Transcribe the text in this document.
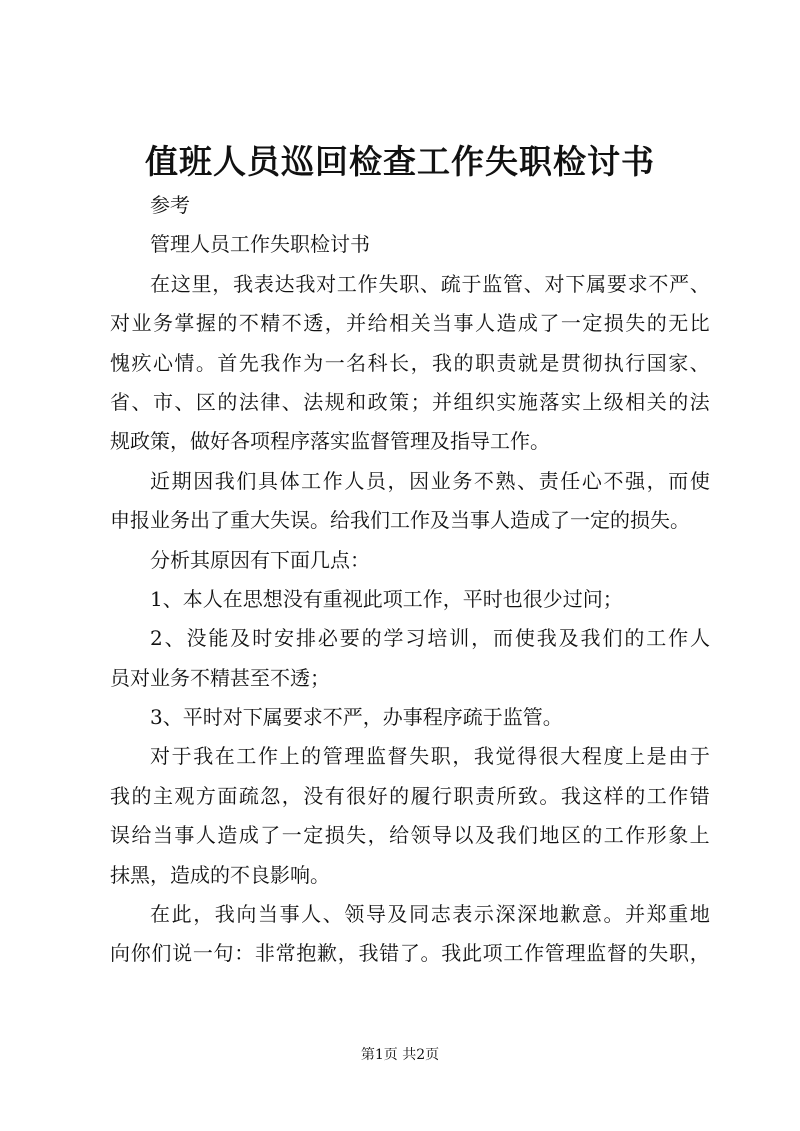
值班人员巡回检查工作失职检讨书
参考
管理人员工作失职检讨书
在 这 里 ， 我 表 达 我 对 工 作 失 职 、 疏 于 监 管 、 对 下 属 要 求 不 严 、
对 业 务 掌 握 的 不 精 不 透 ， 并 给 相 关 当 事 人 造 成 了 一 定 损 失 的 无 比
愧 疚 心 情 。 首 先 我 作 为 一 名 科 长 ， 我 的 职 责 就 是 贯 彻 执 行 国 家 、
省 、 市 、 区 的 法 律 、 法 规 和 政 策 ； 并 组 织 实 施 落 实 上 级 相 关 的 法
规政策，做好各项程序落实监督管理及指导工作。
近 期 因 我 们 具 体 工 作 人 员 ， 因 业 务 不 熟 、 责 任 心 不 强 ， 而 使
申报业务出了重大失误。给我们工作及当事人造成了一定的损失。
分析其原因有下面几点：
1、本人在思想没有重视此项工作，平时也很少过问；
2 、 没 能 及 时 安 排 必 要 的 学 习 培 训 ， 而 使 我 及 我 们 的 工 作 人
员对业务不精甚至不透；
3、平时对下属要求不严，办事程序疏于监管。
对 于 我 在 工 作 上 的 管 理 监 督 失 职 ， 我 觉 得 很 大 程 度 上 是 由 于
我 的 主 观 方 面 疏 忽 ， 没 有 很 好 的 履 行 职 责 所 致 。 我 这 样 的 工 作 错
误 给 当 事 人 造 成 了 一 定 损 失 ， 给 领 导 以 及 我 们 地 区 的 工 作 形 象 上
抹黑，造成的不良影响。
在 此 ， 我 向 当 事 人 、 领 导 及 同 志 表 示 深 深 地 歉 意 。 并 郑 重 地
向 你 们 说 一 句 ： 非 常 抱 歉 ， 我 错 了 。 我 此 项 工 作 管 理 监 督 的 失 职 ，
第1页 共2页
